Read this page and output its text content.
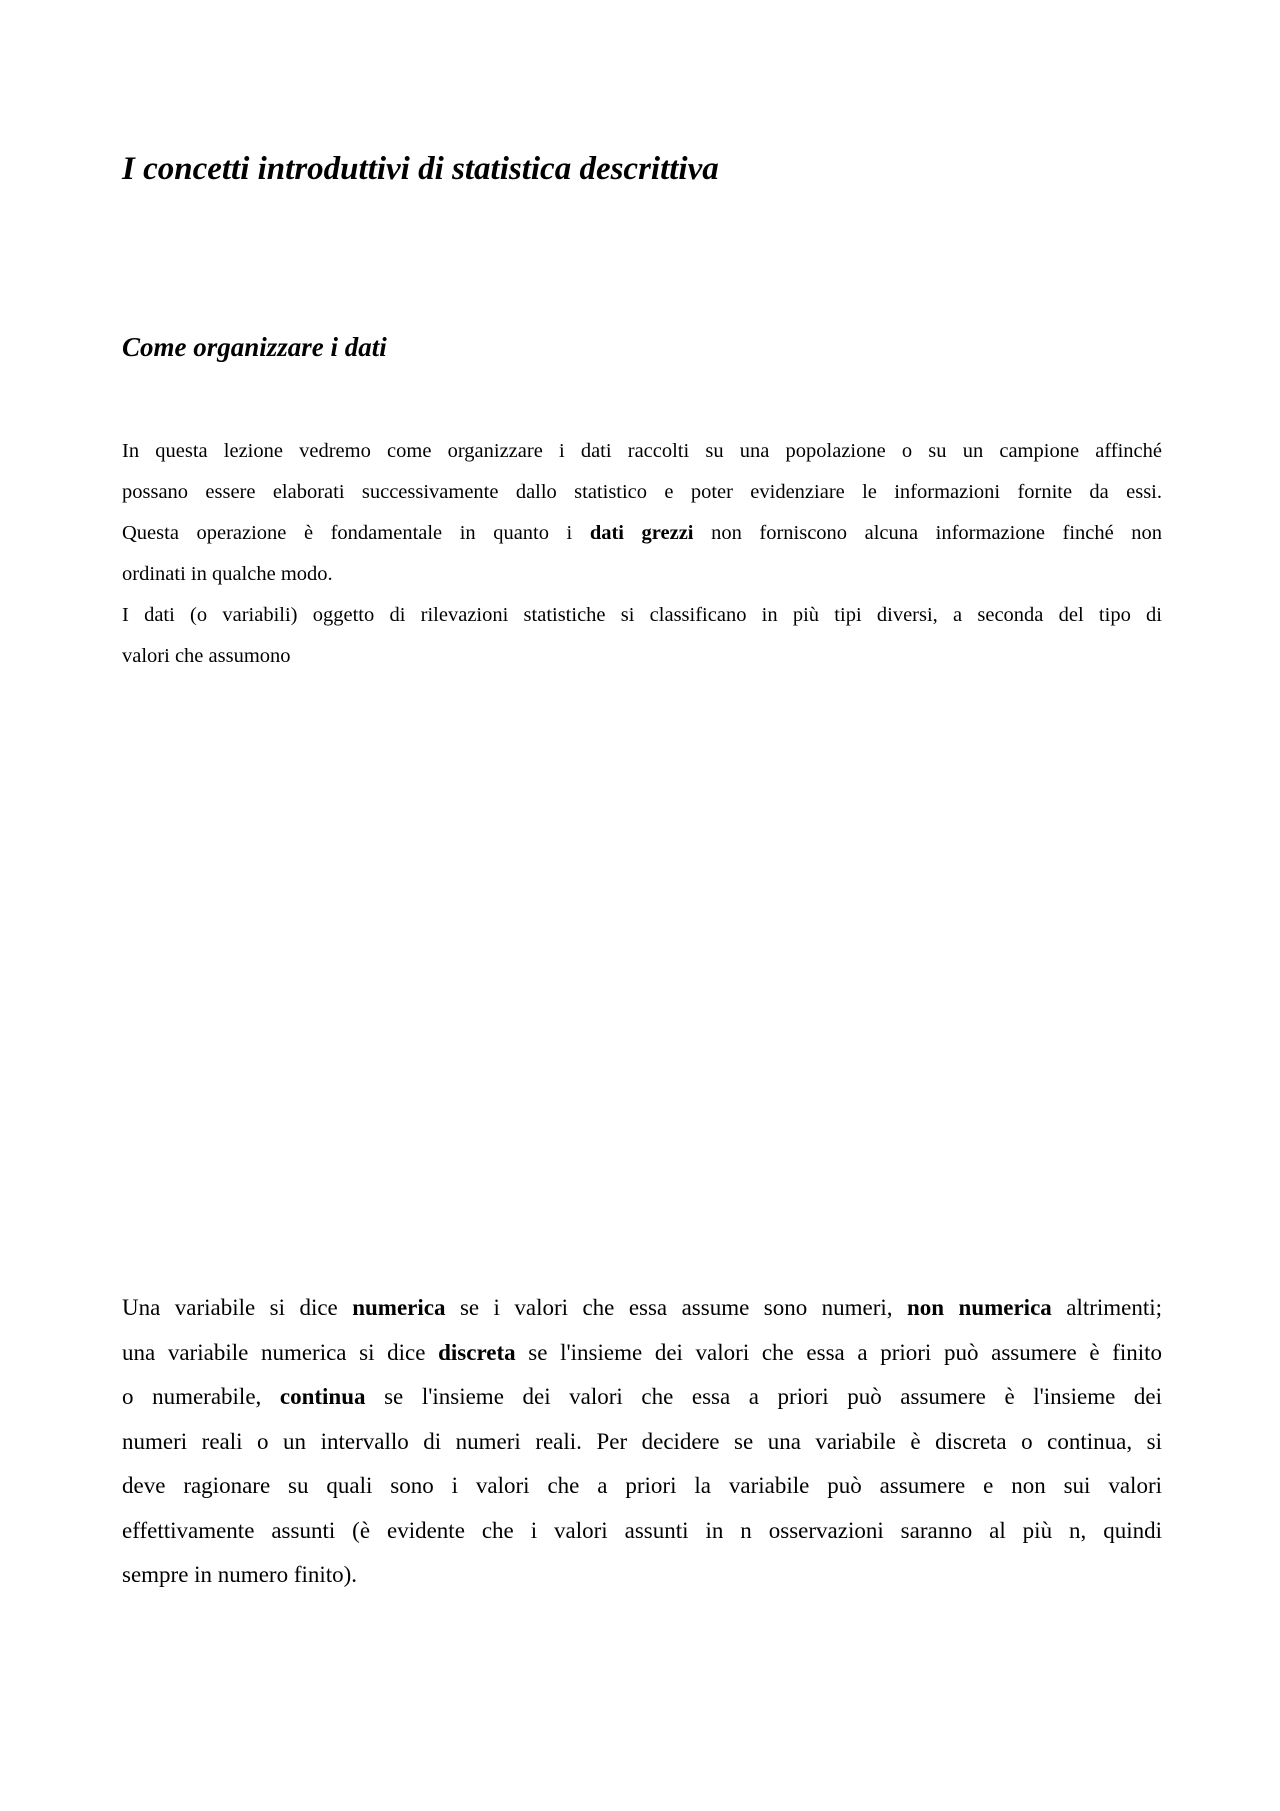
I concetti introduttivi di statistica descrittiva
Come organizzare i dati
In questa lezione vedremo come organizzare i dati raccolti su una popolazione o su un campione affinché
possano essere elaborati successivamente dallo statistico e poter evidenziare le informazioni fornite da essi.
Questa operazione è fondamentale in quanto i dati grezzi non forniscono alcuna informazione finché non
ordinati in qualche modo.
I dati (o variabili) oggetto di rilevazioni statistiche si classificano in più tipi diversi, a seconda del tipo di
valori che assumono
Una variabile si dice numerica se i valori che essa assume sono numeri, non numerica altrimenti;
una variabile numerica si dice discreta se l'insieme dei valori che essa a priori può assumere è finito
o numerabile, continua se l'insieme dei valori che essa a priori può assumere è l'insieme dei
numeri reali o un intervallo di numeri reali. Per decidere se una variabile è discreta o continua, si
deve ragionare su quali sono i valori che a priori la variabile può assumere e non sui valori
effettivamente assunti (è evidente che i valori assunti in n osservazioni saranno al più n, quindi
sempre in numero finito).
